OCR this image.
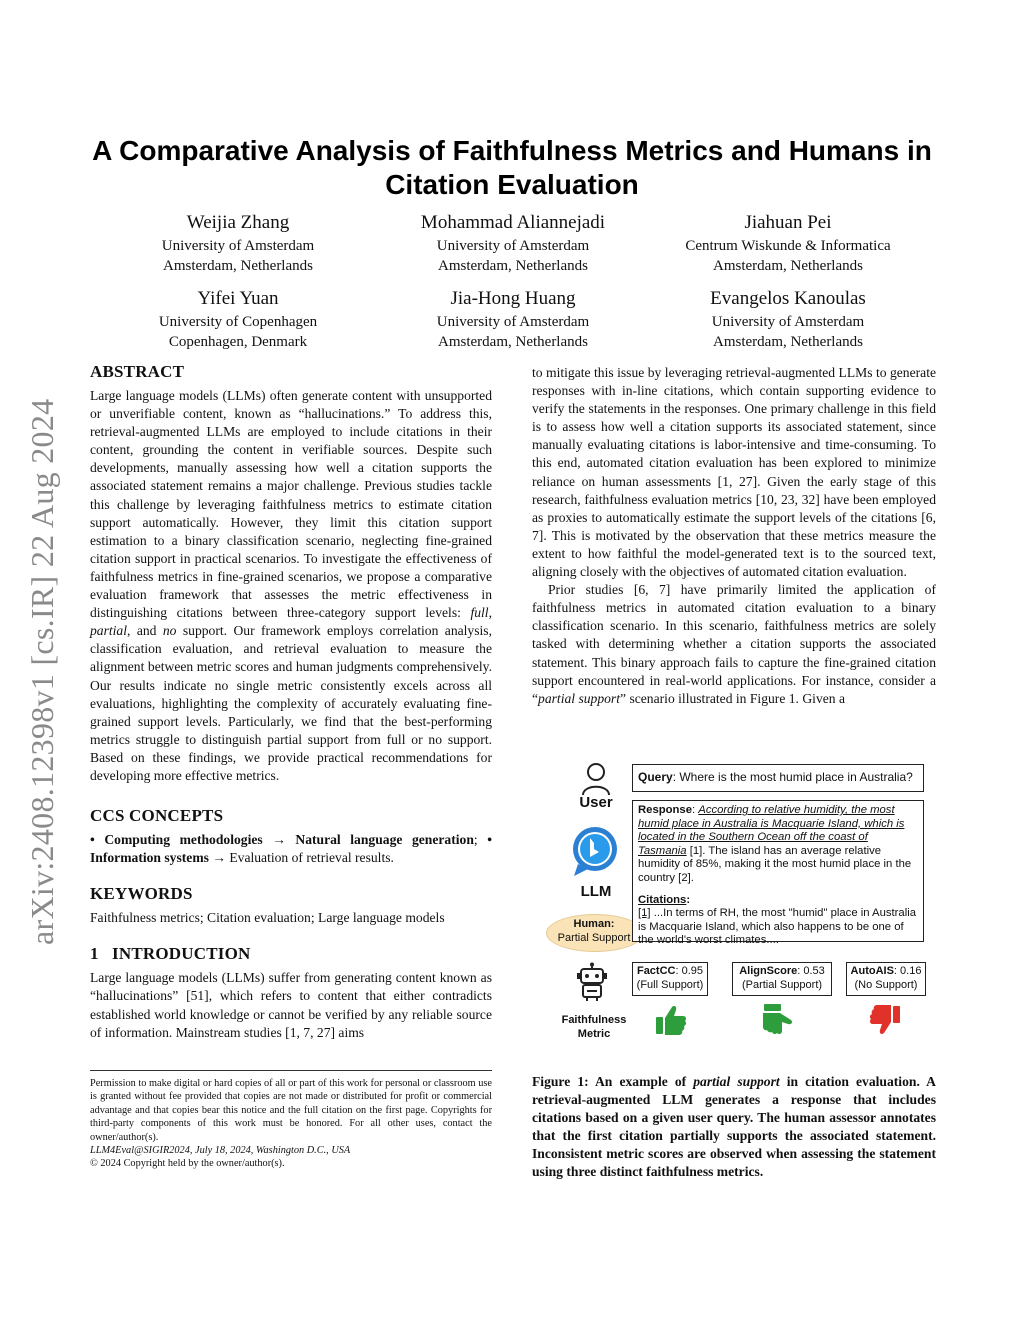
arXiv:2408.12398v1 [cs.IR] 22 Aug 2024
A Comparative Analysis of Faithfulness Metrics and Humans in Citation Evaluation
Weijia Zhang
University of Amsterdam
Amsterdam, Netherlands
Mohammad Aliannejadi
University of Amsterdam
Amsterdam, Netherlands
Jiahuan Pei
Centrum Wiskunde & Informatica
Amsterdam, Netherlands
Yifei Yuan
University of Copenhagen
Copenhagen, Denmark
Jia-Hong Huang
University of Amsterdam
Amsterdam, Netherlands
Evangelos Kanoulas
University of Amsterdam
Amsterdam, Netherlands
ABSTRACT

Large language models (LLMs) often generate content with unsupported or unverifiable content, known as “hallucinations.” To address this, retrieval-augmented LLMs are employed to include citations in their content, grounding the content in verifiable sources. Despite such developments, manually assessing how well a citation supports the associated statement remains a major challenge. Previous studies tackle this challenge by leveraging faithfulness metrics to estimate citation support automatically. However, they limit this citation support estimation to a binary classification scenario, neglecting fine-grained citation support in practical scenarios. To investigate the effectiveness of faithfulness metrics in fine-grained scenarios, we propose a comparative evaluation framework that assesses the metric effectiveness in distinguishing citations between three-category support levels: full, partial, and no support. Our framework employs correlation analysis, classification evaluation, and retrieval evaluation to measure the alignment between metric scores and human judgments comprehensively. Our results indicate no single metric consistently excels across all evaluations, highlighting the complexity of accurately evaluating fine-grained support levels. Particularly, we find that the best-performing metrics struggle to distinguish partial support from full or no support. Based on these findings, we provide practical recommendations for developing more effective metrics.

CCS CONCEPTS

• Computing methodologies → Natural language generation; • Information systems → Evaluation of retrieval results.

KEYWORDS

Faithfulness metrics; Citation evaluation; Large language models

1   INTRODUCTION

Large language models (LLMs) suffer from generating content known as “hallucinations” [51], which refers to content that either contradicts established world knowledge or cannot be verified by any reliable source of information. Mainstream studies [1, 7, 27] aims

Permission to make digital or hard copies of all or part of this work for personal or classroom use is granted without fee provided that copies are not made or distributed for profit or commercial advantage and that copies bear this notice and the full citation on the first page. Copyrights for third-party components of this work must be honored. For all other uses, contact the owner/author(s).

LLM4Eval@SIGIR2024, July 18, 2024, Washington D.C., USA

© 2024 Copyright held by the owner/author(s).

to mitigate this issue by leveraging retrieval-augmented LLMs to generate responses with in-line citations, which contain supporting evidence to verify the statements in the responses. One primary challenge in this field is to assess how well a citation supports its associated statement, since manually evaluating citations is labor-intensive and time-consuming. To this end, automated citation evaluation has been explored to minimize reliance on human assessments [1, 27]. Given the early stage of this research, faithfulness evaluation metrics [10, 23, 32] have been employed as proxies to automatically estimate the support levels of the citations [6, 7]. This is motivated by the observation that these metrics measure the extent to how faithful the model-generated text is to the sourced text, aligning closely with the objectives of automated citation evaluation.

Prior studies [6, 7] have primarily limited the application of faithfulness metrics in automated citation evaluation to a binary classification scenario. In this scenario, faithfulness metrics are solely tasked with determining whether a citation supports the associated statement. This binary approach fails to capture the fine-grained citation support encountered in real-world applications. For instance, consider a “partial support” scenario illustrated in Figure 1. Given a

User
LLM
Human:
Partial Support
Faithfulness
Metric
Query: Where is the most humid place in Australia?
Response: According to relative humidity, the most humid place in Australia is Macquarie Island, which is located in the Southern Ocean off the coast of Tasmania [1]. The island has an average relative humidity of 85%, making it the most humid place in the country [2].
Citations:
[1] ...In terms of RH, the most "humid" place in Australia is Macquarie Island, which also happens to be one of the world's worst climates....
FactCC: 0.95
(Full Support)
AlignScore: 0.53
(Partial Support)
AutoAIS: 0.16
(No Support)

Figure 1: An example of partial support in citation evaluation. A retrieval-augmented LLM generates a response that includes citations based on a given user query. The human assessor annotates that the first citation partially supports the associated statement. Inconsistent metric scores are observed when assessing the statement using three distinct faithfulness metrics.
